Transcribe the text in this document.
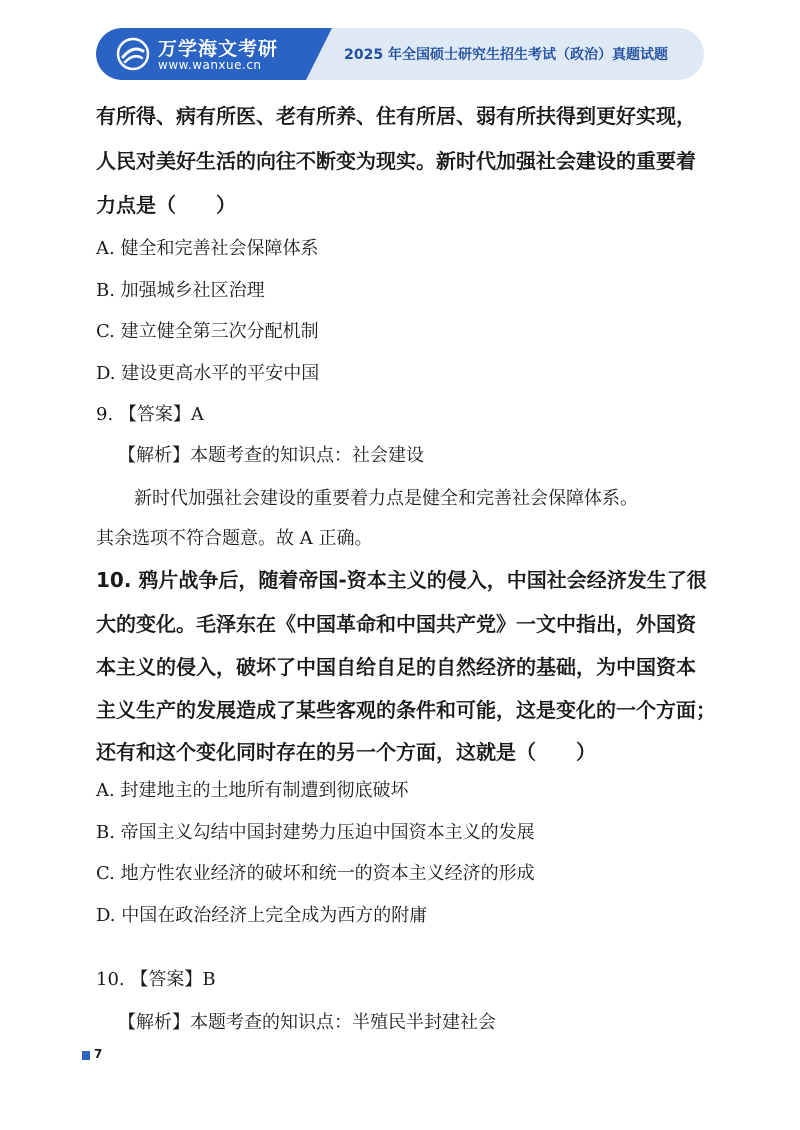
万学海文考研
www.wanxue.cn
2025 年全国硕士研究生招生考试（政治）真题试题
有所得、病有所医、老有所养、住有所居、弱有所扶得到更好实现，
人民对美好生活的向往不断变为现实。新时代加强社会建设的重要着
力点是（　　）
A. 健全和完善社会保障体系
B. 加强城乡社区治理
C. 建立健全第三次分配机制
D. 建设更高水平的平安中国
9. 【答案】A
【解析】本题考查的知识点：社会建设
新时代加强社会建设的重要着力点是健全和完善社会保障体系。
其余选项不符合题意。故 A 正确。
10. 鸦片战争后，随着帝国-资本主义的侵入，中国社会经济发生了很
大的变化。毛泽东在《中国革命和中国共产党》一文中指出，外国资
本主义的侵入，破坏了中国自给自足的自然经济的基础，为中国资本
主义生产的发展造成了某些客观的条件和可能，这是变化的一个方面；
还有和这个变化同时存在的另一个方面，这就是（　　）
A. 封建地主的土地所有制遭到彻底破坏
B. 帝国主义勾结中国封建势力压迫中国资本主义的发展
C. 地方性农业经济的破坏和统一的资本主义经济的形成
D. 中国在政治经济上完全成为西方的附庸
10. 【答案】B
【解析】本题考查的知识点：半殖民半封建社会
7
